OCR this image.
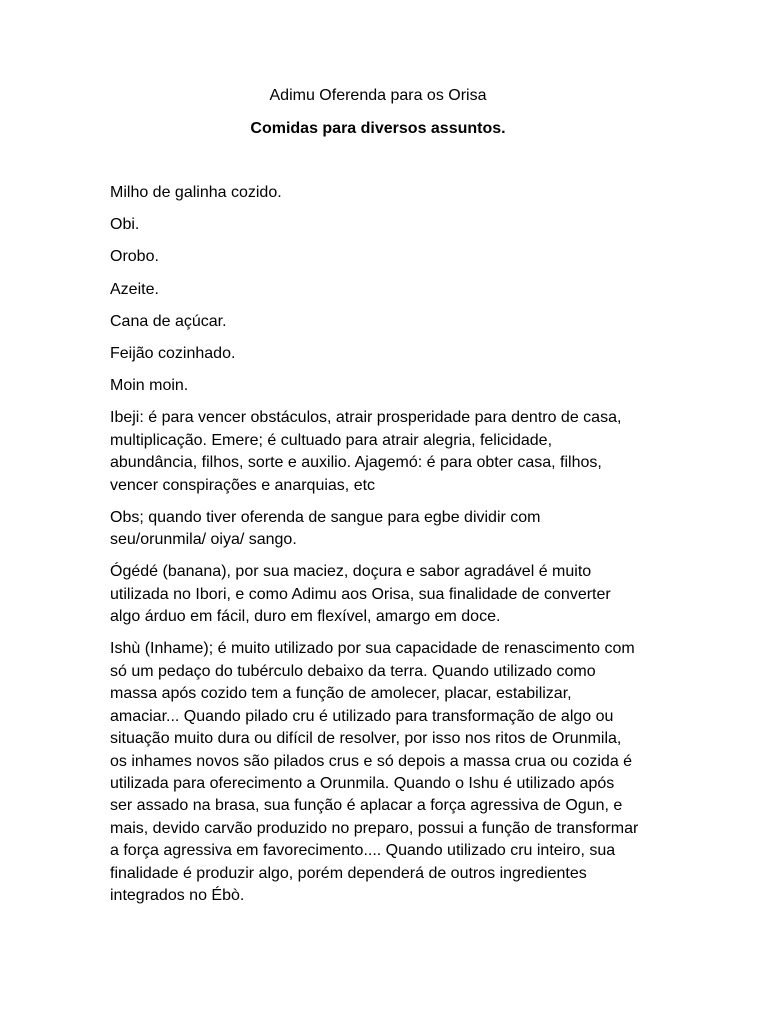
Adimu Oferenda para os Orisa
Comidas para diversos assuntos.

Milho de galinha cozido.

Obi.

Orobo.

Azeite.

Cana de açúcar.

Feijão cozinhado.

Moin moin.

Ibeji: é para vencer obstáculos, atrair prosperidade para dentro de casa,
multiplicação. Emere; é cultuado para atrair alegria, felicidade,
abundância, filhos, sorte e auxilio. Ajagemó: é para obter casa, filhos,
vencer conspirações e anarquias, etc

Obs; quando tiver oferenda de sangue para egbe dividir com
seu/orunmila/ oiya/ sango.

Ógédé (banana), por sua maciez, doçura e sabor agradável é muito
utilizada no Ibori, e como Adimu aos Orisa, sua finalidade de converter
algo árduo em fácil, duro em flexível, amargo em doce.

Ishù (Inhame); é muito utilizado por sua capacidade de renascimento com
só um pedaço do tubérculo debaixo da terra. Quando utilizado como
massa após cozido tem a função de amolecer, placar, estabilizar,
amaciar... Quando pilado cru é utilizado para transformação de algo ou
situação muito dura ou difícil de resolver, por isso nos ritos de Orunmila,
os inhames novos são pilados crus e só depois a massa crua ou cozida é
utilizada para oferecimento a Orunmila. Quando o Ishu é utilizado após
ser assado na brasa, sua função é aplacar a força agressiva de Ogun, e
mais, devido carvão produzido no preparo, possui a função de transformar
a força agressiva em favorecimento.... Quando utilizado cru inteiro, sua
finalidade é produzir algo, porém dependerá de outros ingredientes
integrados no Ébò.
